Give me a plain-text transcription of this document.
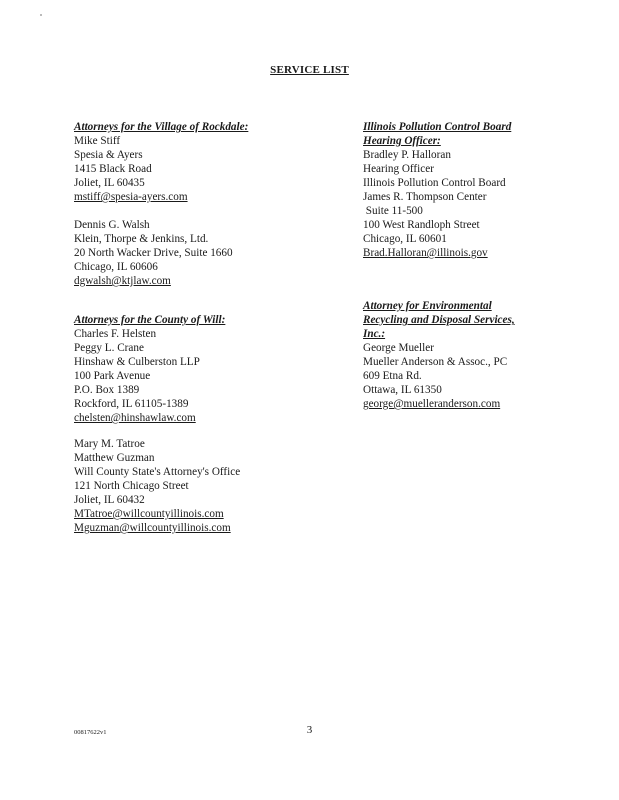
SERVICE LIST
Attorneys for the Village of Rockdale:
Mike Stiff
Spesia & Ayers
1415 Black Road
Joliet, IL 60435
mstiff@spesia-ayers.com
Dennis G. Walsh
Klein, Thorpe & Jenkins, Ltd.
20 North Wacker Drive, Suite 1660
Chicago, IL 60606
dgwalsh@ktjlaw.com
Attorneys for the County of Will:
Charles F. Helsten
Peggy L. Crane
Hinshaw & Culberston LLP
100 Park Avenue
P.O. Box 1389
Rockford, IL 61105-1389
chelsten@hinshawlaw.com
Mary M. Tatroe
Matthew Guzman
Will County State's Attorney's Office
121 North Chicago Street
Joliet, IL 60432
MTatroe@willcountyillinois.com
Mguzman@willcountyillinois.com
Illinois Pollution Control Board
Hearing Officer:
Bradley P. Halloran
Hearing Officer
Illinois Pollution Control Board
James R. Thompson Center
Suite 11-500
100 West Randloph Street
Chicago, IL 60601
Brad.Halloran@illinois.gov
Attorney for Environmental
Recycling and Disposal Services,
Inc.:
George Mueller
Mueller Anderson & Assoc., PC
609 Etna Rd.
Ottawa, IL 61350
george@muelleranderson.com
00817622v1	3
